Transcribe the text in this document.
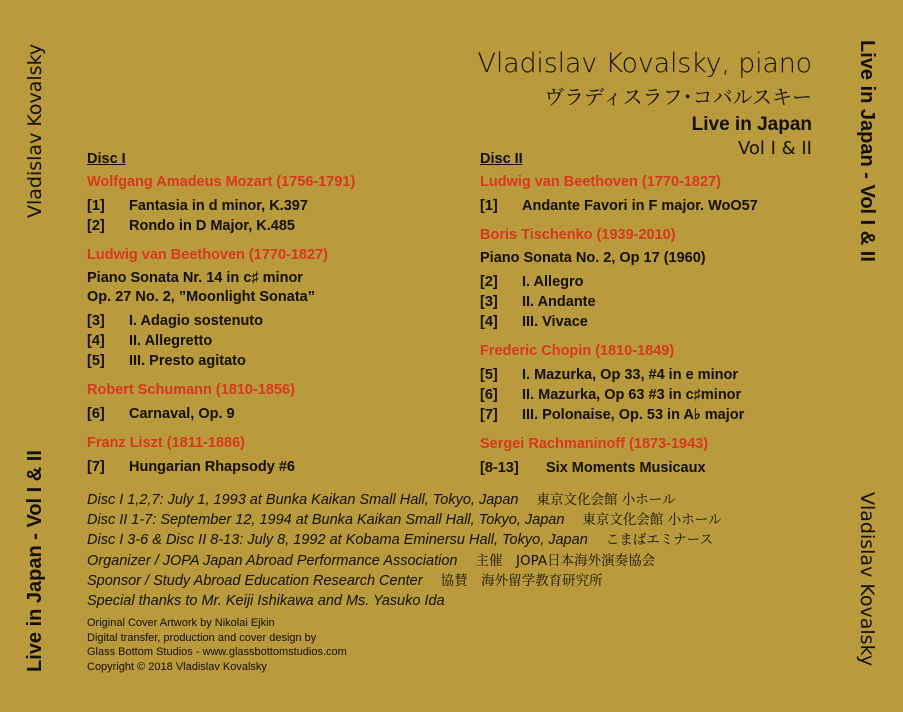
Vladislav Kovalsky
Live in Japan - Vol I & II
Live in Japan - Vol I & II
Vladislav Kovalsky
Vladislav Kovalsky, piano
ヴラディスラフ･コバルスキー
Live in Japan
Vol I & II
Disc I
Wolfgang Amadeus Mozart (1756-1791)
[1]	Fantasia in d minor, K.397
[2]	Rondo in D Major, K.485
Ludwig van Beethoven (1770-1827)
Piano Sonata Nr. 14 in c♯ minor
Op. 27 No. 2, ”Moonlight Sonata”
[3]	I. Adagio sostenuto
[4]	II. Allegretto
[5]	III. Presto agitato
Robert Schumann (1810-1856)
[6]	Carnaval, Op. 9
Franz Liszt (1811-1886)
[7]	Hungarian Rhapsody #6
Disc II
Ludwig van Beethoven (1770-1827)
[1]	Andante Favori in F major. WoO57
Boris Tischenko (1939-2010)
Piano Sonata No. 2, Op 17 (1960)
[2]	I. Allegro
[3]	II. Andante
[4]	III. Vivace
Frederic Chopin (1810-1849)
[5]	I. Mazurka, Op 33, #4 in e minor
[6]	II. Mazurka, Op 63 #3 in c♯minor
[7]	III. Polonaise, Op. 53 in A♭ major
Sergei Rachmaninoff (1873-1943)
[8-13]	Six Moments Musicaux
Disc I 1,2,7: July 1, 1993 at Bunka Kaikan Small Hall, Tokyo, Japan 東京文化会館 小ホール
Disc II 1-7: September 12, 1994 at Bunka Kaikan Small Hall, Tokyo, Japan 東京文化会館 小ホール
Disc I 3-6 & Disc II 8-13: July 8, 1992 at Kobama Eminersu Hall, Tokyo, Japan こまばエミナース
Organizer / JOPA Japan Abroad Performance Association 主催　JOPA日本海外演奏協会
Sponsor / Study Abroad Education Research Center 協賛　海外留学教育研究所
Special thanks to Mr. Keiji Ishikawa and Ms. Yasuko Ida
Original Cover Artwork by Nikolai Ejkin
Digital transfer, production and cover design by
Glass Bottom Studios - www.glassbottomstudios.com
Copyright © 2018 Vladislav Kovalsky
